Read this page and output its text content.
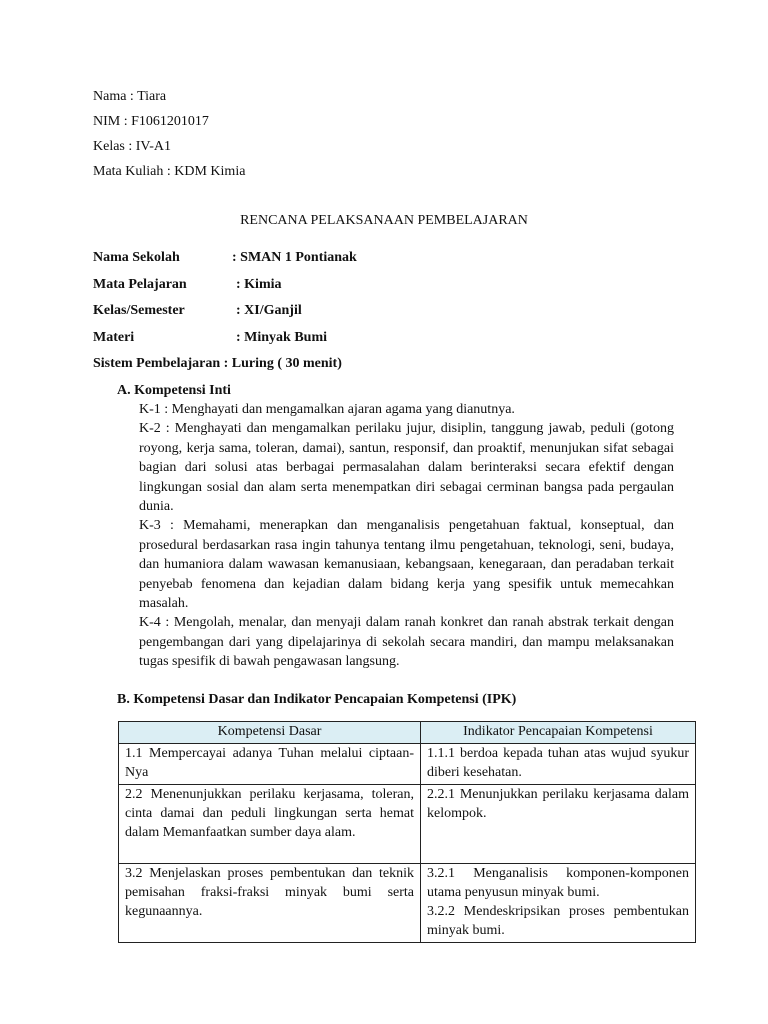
Nama : Tiara
NIM : F1061201017
Kelas : IV-A1
Mata Kuliah : KDM Kimia
RENCANA PELAKSANAAN PEMBELAJARAN
Nama Sekolah	: SMAN 1 Pontianak
Mata Pelajaran	: Kimia
Kelas/Semester	: XI/Ganjil
Materi	: Minyak Bumi
Sistem Pembelajaran : Luring ( 30 menit)
A. Kompetensi Inti

K-1 : Menghayati dan mengamalkan ajaran agama yang dianutnya.

K-2 : Menghayati dan mengamalkan perilaku jujur, disiplin, tanggung jawab, peduli (gotong royong, kerja sama, toleran, damai), santun, responsif, dan proaktif, menunjukan sifat sebagai bagian dari solusi atas berbagai permasalahan dalam berinteraksi secara efektif dengan lingkungan sosial dan alam serta menempatkan diri sebagai cerminan bangsa pada pergaulan dunia.

K-3 : Memahami, menerapkan dan menganalisis pengetahuan faktual, konseptual, dan prosedural berdasarkan rasa ingin tahunya tentang ilmu pengetahuan, teknologi, seni, budaya, dan humaniora dalam wawasan kemanusiaan, kebangsaan, kenegaraan, dan peradaban terkait penyebab fenomena dan kejadian dalam bidang kerja yang spesifik untuk memecahkan masalah.

K-4 : Mengolah, menalar, dan menyaji dalam ranah konkret dan ranah abstrak terkait dengan pengembangan dari yang dipelajarinya di sekolah secara mandiri, dan mampu melaksanakan tugas spesifik di bawah pengawasan langsung.

B. Kompetensi Dasar dan Indikator Pencapaian Kompetensi (IPK)
Kompetensi Dasar	Indikator Pencapaian Kompetensi
1.1 Mempercayai adanya Tuhan melalui ciptaan-Nya	1.1.1 berdoa kepada tuhan atas wujud syukur diberi kesehatan.
2.2 Menenunjukkan perilaku kerjasama, toleran, cinta damai dan peduli lingkungan serta hemat dalam Memanfaatkan sumber daya alam.	2.2.1 Menunjukkan perilaku kerjasama dalam kelompok.
3.2 Menjelaskan proses pembentukan dan teknik pemisahan fraksi-fraksi minyak bumi serta kegunaannya.	3.2.1 Menganalisis komponen-komponen utama penyusun minyak bumi.
3.2.2 Mendeskripsikan proses pembentukan minyak bumi.
